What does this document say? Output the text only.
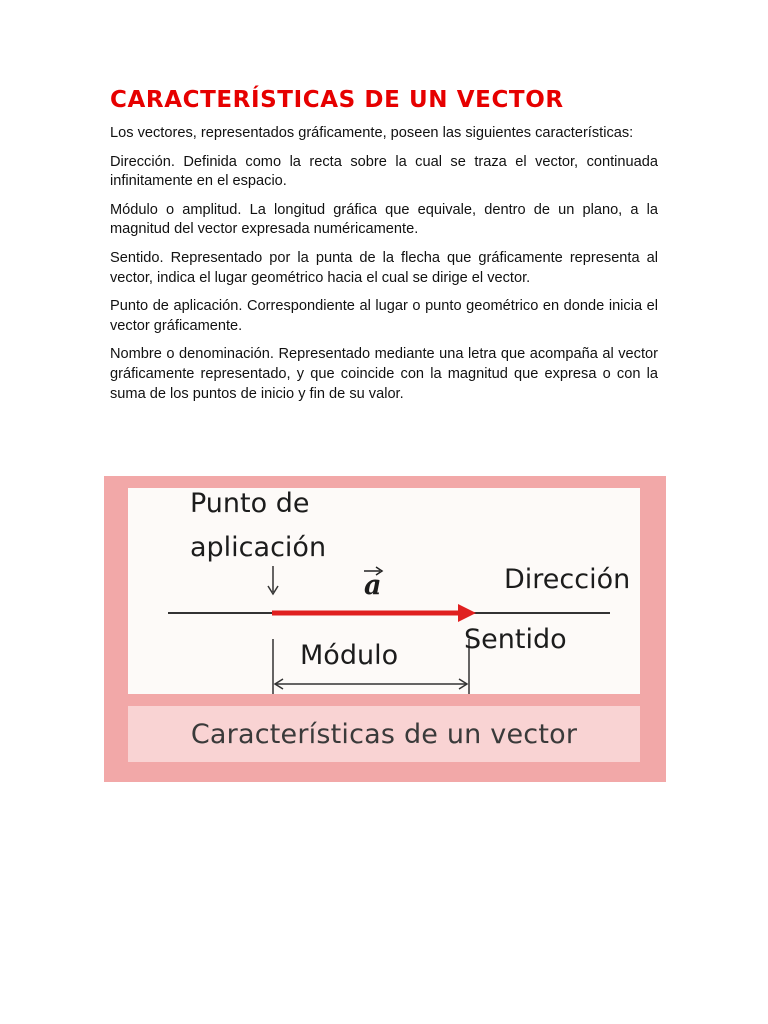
CARACTERÍSTICAS DE UN VECTOR

Los vectores, representados gráficamente, poseen las siguientes características:

Dirección. Definida como la recta sobre la cual se traza el vector, continuada infinitamente en el espacio.

Módulo o amplitud. La longitud gráfica que equivale, dentro de un plano, a la magnitud del vector expresada numéricamente.

Sentido. Representado por la punta de la flecha que gráficamente representa al vector, indica el lugar geométrico hacia el cual se dirige el vector.

Punto de aplicación. Correspondiente al lugar o punto geométrico en donde inicia el vector gráficamente.

Nombre o denominación. Representado mediante una letra que acompaña al vector gráficamente representado, y que coincide con la magnitud que expresa o con la suma de los puntos de inicio y fin de su valor.

Punto de
aplicación
a	Dirección
Sentido
Módulo
Características de un vector
